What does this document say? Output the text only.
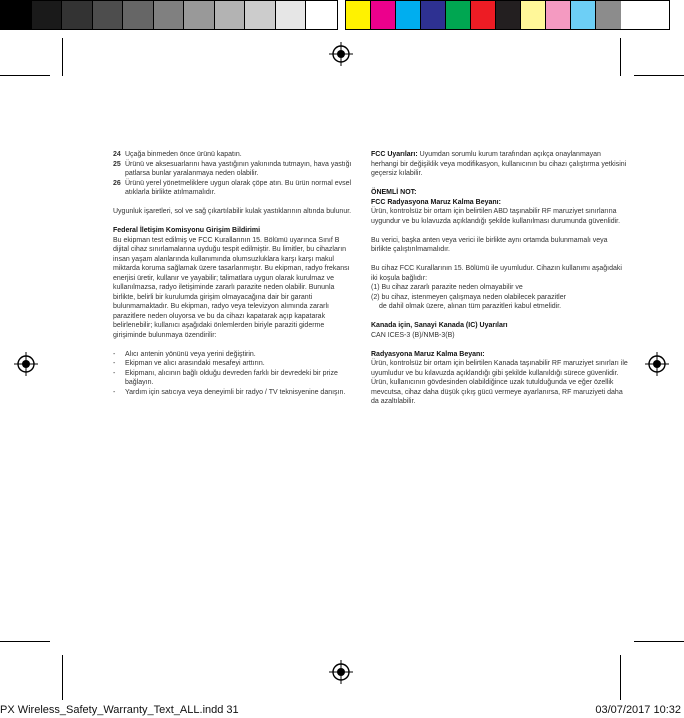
24 Uçağa binmeden önce ürünü kapatın.
25 Ürünü ve aksesuarlarını hava yastığının yakınında tutmayın, hava yastığı patlarsa bunlar yaralanmaya neden olabilir.
26 Ürünü yerel yönetmeliklere uygun olarak çöpe atın. Bu ürün normal evsel atıklarla birlikte atılmamalıdır.

Uygunluk işaretleri, sol ve sağ çıkartılabilir kulak yastıklarının altında bulunur.

Federal İletişim Komisyonu Girişim Bildirimi

Bu ekipman test edilmiş ve FCC Kurallarının 15. Bölümü uyarınca Sınıf B dijital cihaz sınırlamalarına uyduğu tespit edilmiştir. Bu limitler, bu cihazların insan yaşam alanlarında kullanımında olumsuzluklara karşı karşı makul miktarda koruma sağlamak üzere tasarlanmıştır. Bu ekipman, radyo frekansı enerjisi üretir, kullanır ve yayabilir; talimatlara uygun olarak kurulmaz ve kullanılmazsa, radyo iletişiminde zararlı parazite neden olabilir. Bununla birlikte, belirli bir kurulumda girişim olmayacağına dair bir garanti bulunmamaktadır. Bu ekipman, radyo veya televizyon alımında zararlı parazitlere neden oluyorsa ve bu da cihazı kapatarak açıp kapatarak belirlenebilir; kullanıcı aşağıdaki önlemlerden biriyle paraziti giderme girişiminde bulunmaya özendirilir:

-	Alıcı antenin yönünü veya yerini değiştirin.
-	Ekipman ve alıcı arasındaki mesafeyi arttırın.
-	Ekipmanı, alıcının bağlı olduğu devreden farklı bir devredeki bir prize bağlayın.
-	Yardım için satıcıya veya deneyimli bir radyo / TV teknisyenine danışın.

FCC Uyarıları: Uyumdan sorumlu kurum tarafından açıkça onaylanmayan herhangi bir değişiklik veya modifikasyon, kullanıcının bu cihazı çalıştırma yetkisini geçersiz kılabilir.

ÖNEMLİ NOT:
FCC Radyasyona Maruz Kalma Beyanı:

Ürün, kontrolsüz bir ortam için belirtilen ABD taşınabilir RF maruziyet sınırlarına uygundur ve bu kılavuzda açıklandığı şekilde kullanılması durumunda güvenlidir.

Bu verici, başka anten veya verici ile birlikte aynı ortamda bulunmamalı veya birlikte çalıştırılmamalıdır.

Bu cihaz FCC Kurallarının 15. Bölümü ile uyumludur. Cihazın kullanımı aşağıdaki iki koşula bağlıdır:
(1) Bu cihaz zararlı parazite neden olmayabilir ve
(2) bu cihaz, istenmeyen çalışmaya neden olabilecek parazitler
de dahil olmak üzere, alınan tüm parazitleri kabul etmelidir.
Kanada için, Sanayi Kanada (IC) Uyarıları

CAN ICES-3 (B)/NMB-3(B)

Radyasyona Maruz Kalma Beyanı:

Ürün, kontrolsüz bir ortam için belirtilen Kanada taşınabilir RF maruziyet sınırları ile uyumludur ve bu kılavuzda açıklandığı gibi şekilde kullanıldığı sürece güvenlidir. Ürün, kullanıcının gövdesinden olabildiğince uzak tutulduğunda ve eğer özellik mevcutsa, cihaz daha düşük çıkış gücü vermeye ayarlanırsa, RF maruziyeti daha da azaltılabilir.

PX Wireless_Safety_Warranty_Text_ALL.indd 31	03/07/2017 10:32
